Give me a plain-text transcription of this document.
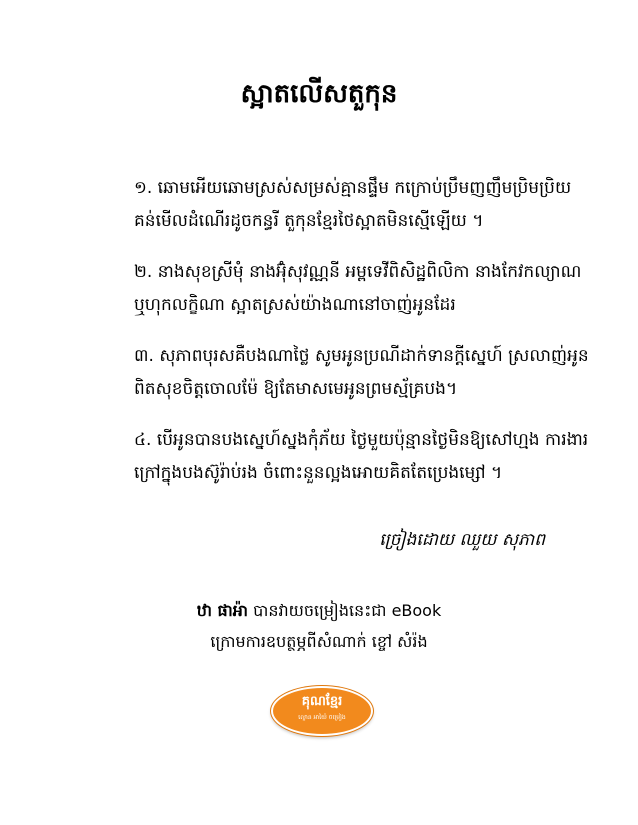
ស្អាតលើសតួកុន
១. ឆោមអើយឆោមស្រស់សម្រស់គ្មានផ្ទឹម កក្រោប់ប្រឹមញញឹមប្រិមប្រិយ
គន់មើលដំណើរដូចកន្ធរី តួកុនខ្មែរថៃស្អាតមិនស្មើឡើយ ។
២. នាងសុខស្រីមុំ នាងអ៊ុំសុវណ្ណនី អម្ពទេវីពិសិដ្ឋពិលិកា នាងកែវកល្យាណ
ឬហុកលក្ខិណា ស្អាតស្រស់យ៉ាងណានៅចាញ់អូនដែរ
៣. សុភាពបុរសគឺបងណាថ្លៃ សូមអូនប្រណីដាក់ទានក្ដីស្នេហ៍ ស្រលាញ់អូន
ពិតសុខចិត្តចោលម៉ែ ឱ្យតែមាសមេអូនព្រមស្ម័គ្របង។
៤. បើអូនបានបងស្នេហ៍ស្នងកុំភ័យ ថ្ងៃមួយប៉ុន្មានថ្ងៃមិនឱ្យសៅហ្មង ការងារ
ក្រៅក្នុងបងស៊ូរ៉ាប់រង ចំពោះនួនល្អងអោយគិតតែប្រេងម្សៅ ។
ច្រៀងដោយ ឈួយ សុភាព
ឋា ផាអ៉ា បានវាយចម្រៀងនេះជា eBook
ក្រោមការឧបត្ថម្ភពីសំណាក់ ខ្ចៅ សំរ៉ង
គុណខ្មែរ
ល្ខោន អាយ៉ៃ ចម្រៀង
